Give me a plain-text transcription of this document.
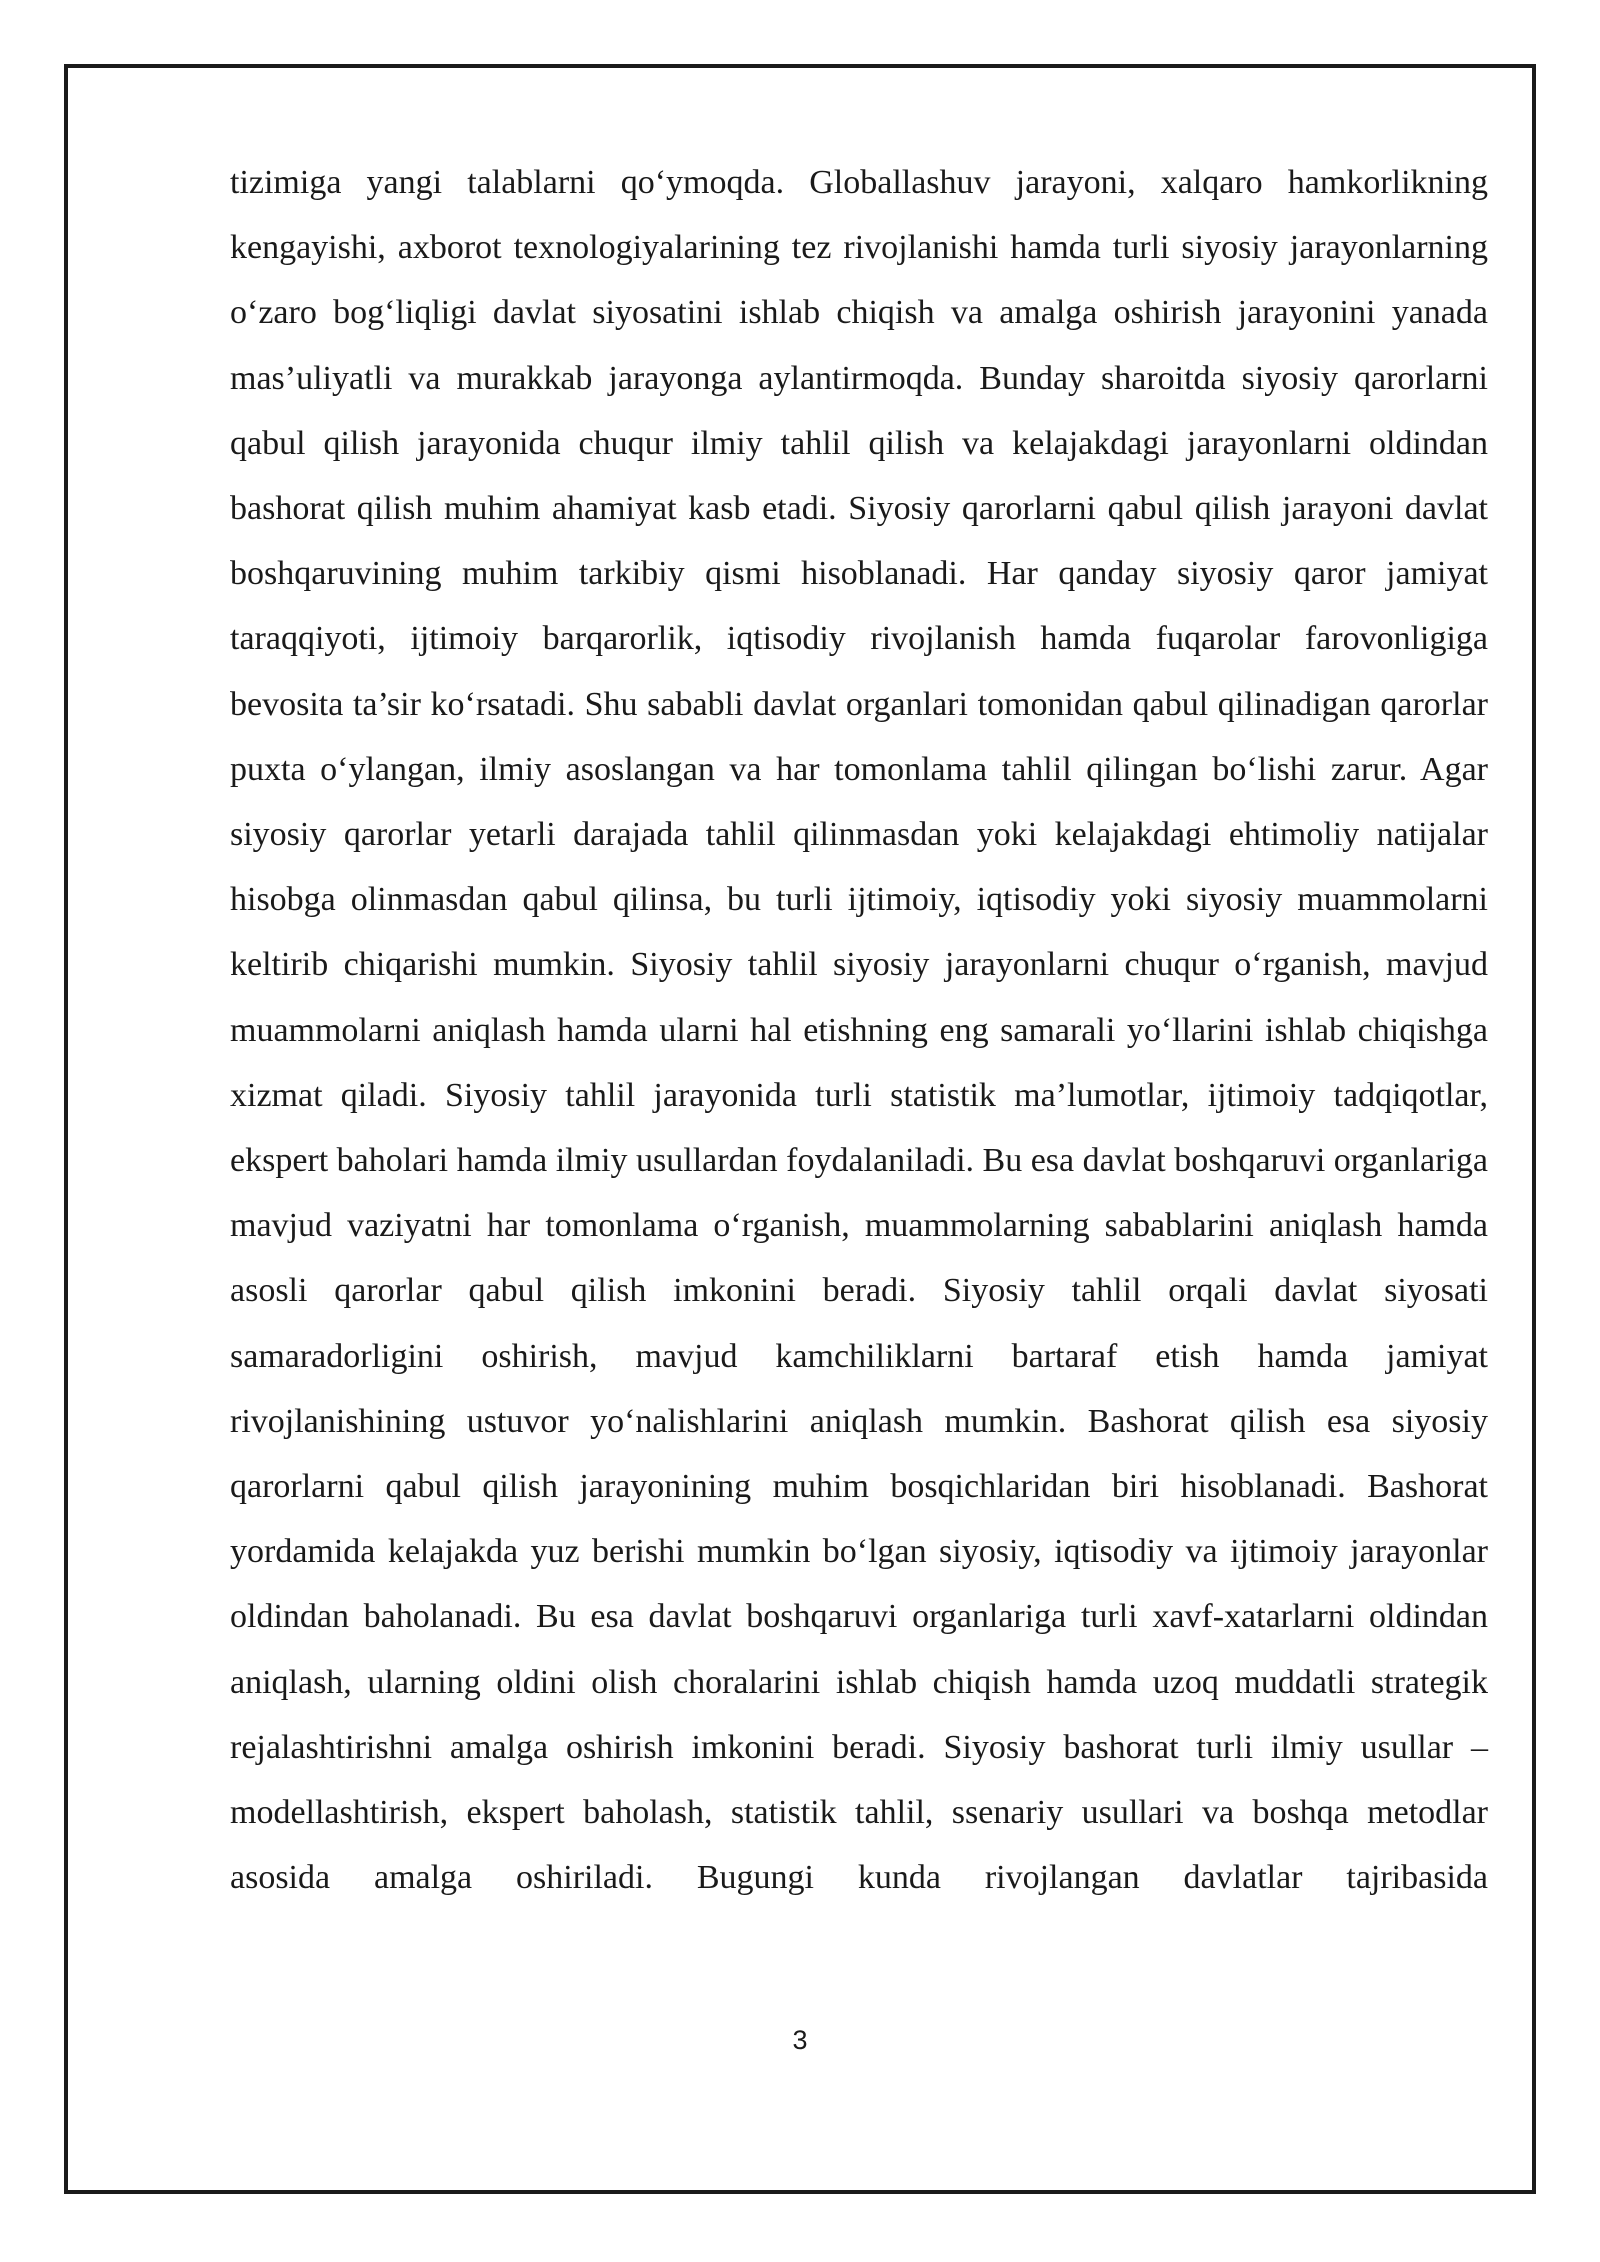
tizimiga yangi talablarni qo‘ymoqda. Globallashuv jarayoni, xalqaro hamkorlikning kengayishi, axborot texnologiyalarining tez rivojlanishi hamda turli siyosiy jarayonlarning o‘zaro bog‘liqligi davlat siyosatini ishlab chiqish va amalga oshirish jarayonini yanada mas’uliyatli va murakkab jarayonga aylantirmoqda. Bunday sharoitda siyosiy qarorlarni qabul qilish jarayonida chuqur ilmiy tahlil qilish va kelajakdagi jarayonlarni oldindan bashorat qilish muhim ahamiyat kasb etadi. Siyosiy qarorlarni qabul qilish jarayoni davlat boshqaruvining muhim tarkibiy qismi hisoblanadi. Har qanday siyosiy qaror jamiyat taraqqiyoti, ijtimoiy barqarorlik, iqtisodiy rivojlanish hamda fuqarolar farovonligiga bevosita ta’sir ko‘rsatadi. Shu sababli davlat organlari tomonidan qabul qilinadigan qarorlar puxta o‘ylangan, ilmiy asoslangan va har tomonlama tahlil qilingan bo‘lishi zarur. Agar siyosiy qarorlar yetarli darajada tahlil qilinmasdan yoki kelajakdagi ehtimoliy natijalar hisobga olinmasdan qabul qilinsa, bu turli ijtimoiy, iqtisodiy yoki siyosiy muammolarni keltirib chiqarishi mumkin. Siyosiy tahlil siyosiy jarayonlarni chuqur o‘rganish, mavjud muammolarni aniqlash hamda ularni hal etishning eng samarali yo‘llarini ishlab chiqishga xizmat qiladi. Siyosiy tahlil jarayonida turli statistik ma’lumotlar, ijtimoiy tadqiqotlar, ekspert baholari hamda ilmiy usullardan foydalaniladi. Bu esa davlat boshqaruvi organlariga mavjud vaziyatni har tomonlama o‘rganish, muammolarning sabablarini aniqlash hamda asosli qarorlar qabul qilish imkonini beradi. Siyosiy tahlil orqali davlat siyosati samaradorligini oshirish, mavjud kamchiliklarni bartaraf etish hamda jamiyat rivojlanishining ustuvor yo‘nalishlarini aniqlash mumkin. Bashorat qilish esa siyosiy qarorlarni qabul qilish jarayonining muhim bosqichlaridan biri hisoblanadi. Bashorat yordamida kelajakda yuz berishi mumkin bo‘lgan siyosiy, iqtisodiy va ijtimoiy jarayonlar oldindan baholanadi. Bu esa davlat boshqaruvi organlariga turli xavf-xatarlarni oldindan aniqlash, ularning oldini olish choralarini ishlab chiqish hamda uzoq muddatli strategik rejalashtirishni amalga oshirish imkonini beradi. Siyosiy bashorat turli ilmiy usullar – modellashtirish, ekspert baholash, statistik tahlil, ssenariy usullari va boshqa metodlar asosida amalga oshiriladi. Bugungi kunda rivojlangan davlatlar tajribasida

3
